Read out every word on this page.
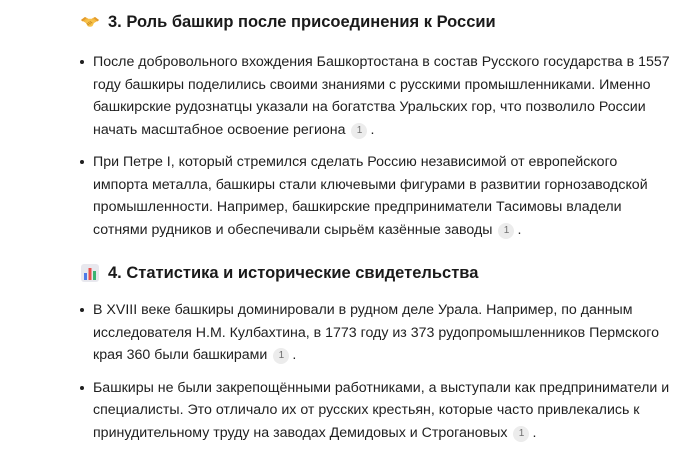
3. Роль башкир после присоединения к России
После добровольного вхождения Башкортостана в состав Русского государства в 1557 году башкиры поделились своими знаниями с русскими промышленниками. Именно башкирские рудознатцы указали на богатства Уральских гор, что позволило России начать масштабное освоение региона 1 .
При Петре I, который стремился сделать Россию независимой от европейского импорта металла, башкиры стали ключевыми фигурами в развитии горнозаводской промышленности. Например, башкирские предприниматели Тасимовы владели сотнями рудников и обеспечивали сырьём казённые заводы 1 .
4. Статистика и исторические свидетельства
В XVIII веке башкиры доминировали в рудном деле Урала. Например, по данным исследователя Н.М. Кулбахтина, в 1773 году из 373 рудопромышленников Пермского края 360 были башкирами 1 .
Башкиры не были закрепощёнными работниками, а выступали как предприниматели и специалисты. Это отличало их от русских крестьян, которые часто привлекались к принудительному труду на заводах Демидовых и Строгановых 1 .
